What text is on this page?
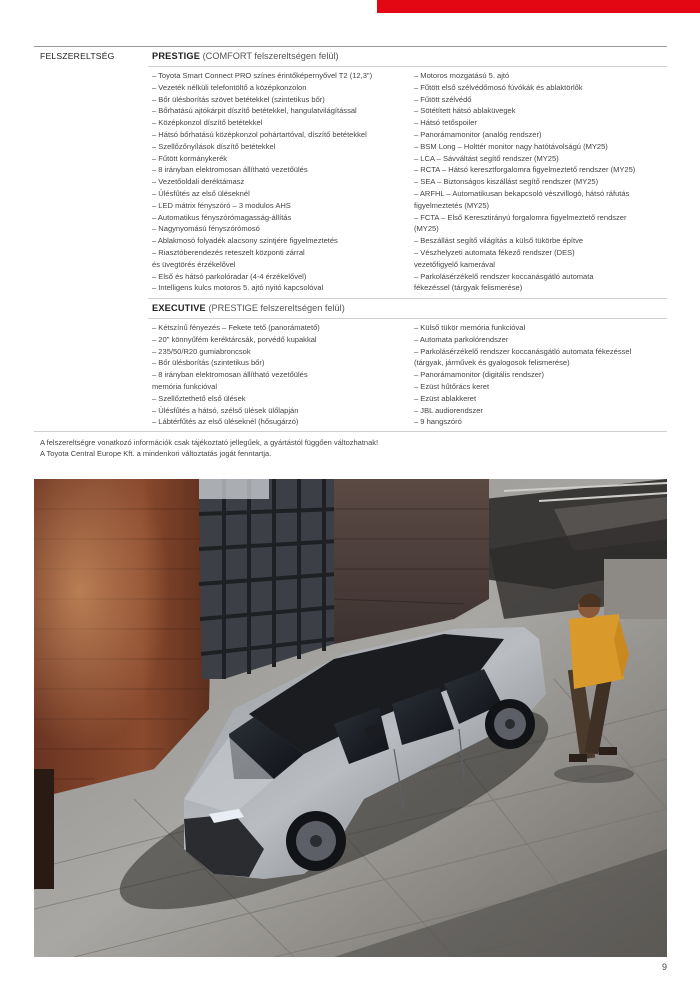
FELSZERELTSÉG	PRESTIGE (COMFORT felszereltségen felül)
– Toyota Smart Connect PRO színes érintőképernyővel T2 (12,3")
– Vezeték nélküli telefontöltő a középkonzolon
– Bőr ülésborítás szövet betétekkel (szintetikus bőr)
– Bőrhatású ajtókárpit díszítő betétekkel, hangulatvilágítással
– Középkonzol díszítő betétekkel
– Hátsó bőrhatású középkonzol pohártartóval, díszítő betétekkel
– Szellőzőnyílások díszítő betétekkel
– Fűtött kormánykerék
– 8 irányban elektromosan állítható vezetőülés
– Vezetőoldali deréktámasz
– Ülésfűtés az első üléseknél
– LED mátrix fényszóró – 3 modulos AHS
– Automatikus fényszórómagasság-állítás
– Nagynyomású fényszórómosó
– Ablakmosó folyadék alacsony szintjére figyelmeztetés
– Riasztóberendezés reteszelt központi zárral
és üvegtörés érzékelővel
– Első és hátsó parkolóradar (4-4 érzékelővel)
– Intelligens kulcs motoros 5. ajtó nyitó kapcsolóval
– Motoros mozgatású 5. ajtó
– Fűtött első szélvédőmosó fúvókák és ablaktörlők
– Fűtött szélvédő
– Sötétített hátsó ablaküvegek
– Hátsó tetőspoiler
– Panorámamonitor (analóg rendszer)
– BSM Long – Holttér monitor nagy hatótávolságú (MY25)
– LCA – Sávváltást segítő rendszer (MY25)
– RCTA – Hátsó keresztforgalomra figyelmeztető rendszer (MY25)
– SEA – Biztonságos kiszállást segítő rendszer (MY25)
– ARFHL – Automatikusan bekapcsoló vészvillogó, hátsó ráfutás
figyelmeztetés (MY25)
– FCTA – Első Keresztirányú forgalomra figyelmeztető rendszer
(MY25)
– Beszállást segítő világítás a külső tükörbe építve
– Vészhelyzeti automata fékező rendszer (DES)
vezetőfigyelő kamerával
– Parkolásérzékelő rendszer koccanásgátló automata
fékezéssel (tárgyak felismerése)
EXECUTIVE (PRESTIGE felszereltségen felül)
– Kétszínű fényezés – Fekete tető (panorámatető)
– 20" könnyűfém keréktárcsák, porvédő kupakkal
– 235/50/R20 gumiabroncsok
– Bőr ülésborítás (szintetikus bőr)
– 8 irányban elektromosan állítható vezetőülés
memória funkcióval
– Szellőztethető első ülések
– Ülésfűtés a hátsó, szélső ülések ülőlapján
– Lábtérfűtés az első üléseknél (hősugárzó)
– Külső tükör memória funkcióval
– Automata parkolórendszer
– Parkolásérzékelő rendszer koccanásgátló automata fékezéssel
(tárgyak, járművek és gyalogosok felismerése)
– Panorámamonitor (digitális rendszer)
– Ezüst hűtőrács keret
– Ezüst ablakkeret
– JBL audiorendszer
– 9 hangszóró
A felszereltségre vonatkozó információk csak tájékoztató jellegűek, a gyártástól függően változhatnak!
A Toyota Central Europe Kft. a mindenkori változtatás jogát fenntartja.
9
